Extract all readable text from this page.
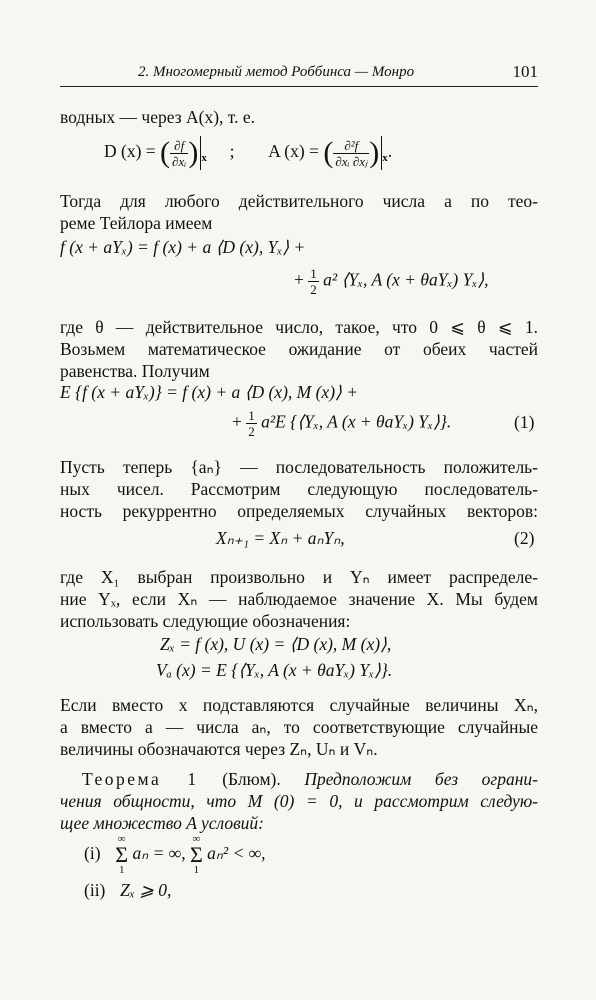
2. Многомерный метод Роббинса — Монро	101
водных — через A(x), т. е.
D (x) = ( $\frac{\partial f}{\text{∂xᵢ}}$ ) $_x$ ; A (x) = ( $\frac{\text{∂²f}}{\text{∂xᵢ ∂xⱼ}}$ ) $_x$.
Тогда для любого действительного числа a по тео-
реме Тейлора имеем
f (x + aYₓ) = f (x) + a ⟨D (x), Yₓ⟩ +
+ $\frac{1}{2} a^2$ ⟨Yₓ, A (x + θaYₓ) Yₓ⟩,
где θ — действительное число, такое, что 0 ⩽ θ ⩽ 1.
Возьмем математическое ожидание от обеих частей
равенства. Получим
E {f (x + aYₓ)} = f (x) + a ⟨D (x), M (x)⟩ +
+ $\frac{1}{2} a^2E$ {⟨Yₓ, A (x + θaYₓ) Yₓ⟩}.	(1)
Пусть теперь {aₙ} — последовательность положитель-
ных чисел. Рассмотрим следующую последователь-
ность рекуррентно определяемых случайных векторов:
Xₙ₊₁ = Xₙ + aₙYₙ,	(2)
где X₁ выбран произвольно и Yₙ имеет распределе-
ние Yₓ, если Xₙ — наблюдаемое значение X. Мы будем
использовать следующие обозначения:
Zₓ = f (x), U (x) = ⟨D (x), M (x)⟩,
Vₐ (x) = E {⟨Yₓ, A (x + θaYₓ) Yₓ⟩}.
Если вместо x подставляются случайные величины Xₙ,
а вместо a — числа aₙ, то соответствующие случайные
величины обозначаются через Zₙ, Uₙ и Vₙ.
Теорема 1 (Блюм). Предположим без ограни-
чения общности, что M (0) = 0, и рассмотрим следую-
щее множество A условий:
(i)
∞
Σ
1
aₙ = ∞,
∞
Σ
1
aₙ² < ∞,
(ii) Zₓ ⩾ 0,
